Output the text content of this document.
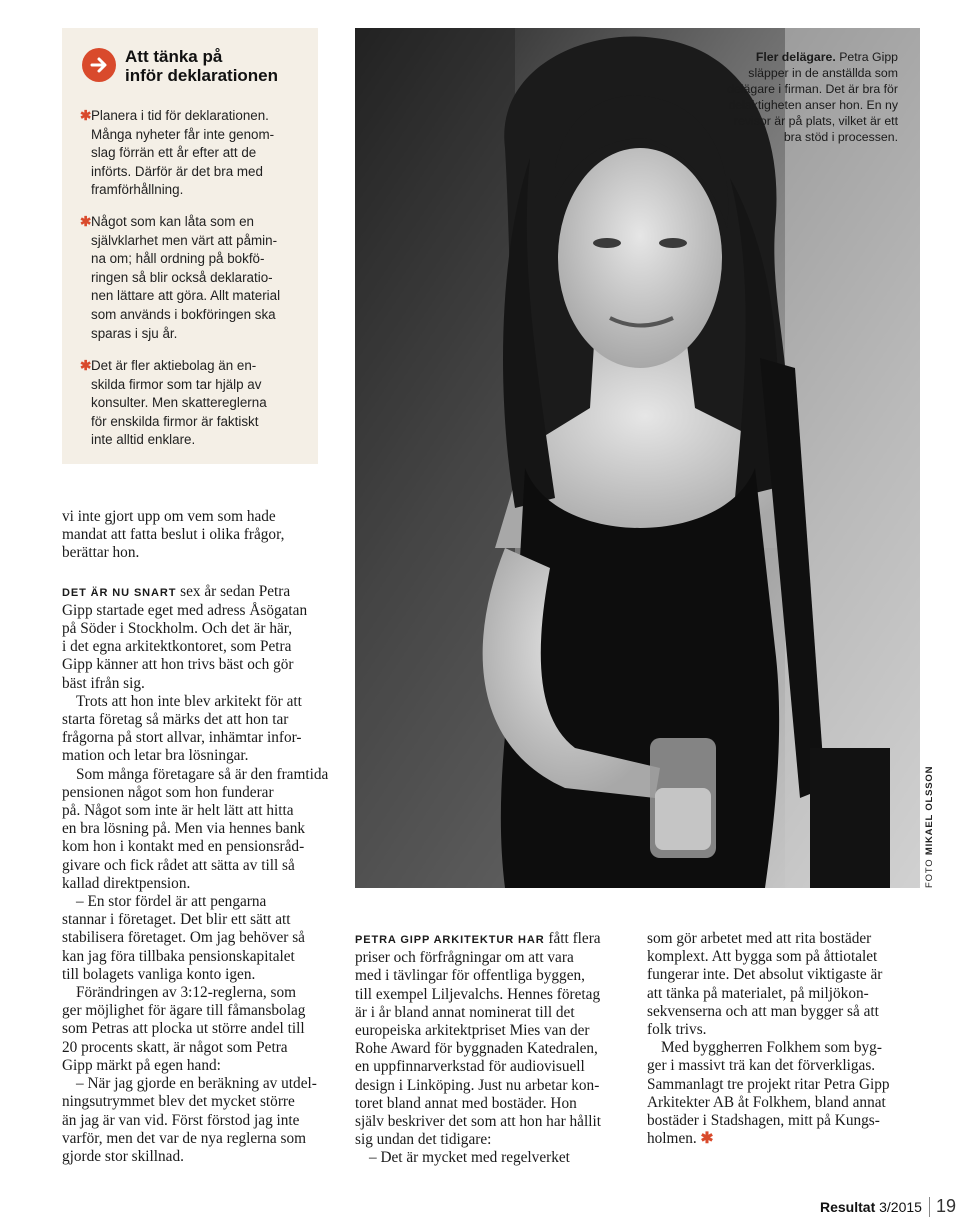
Att tänka på
inför deklarationen
✱ Planera i tid för deklarationen.
Många nyheter får inte genom-
slag förrän ett år efter att de
införts. Därför är det bra med
framförhållning.
✱ Något som kan låta som en
självklarhet men värt att påmin-
na om; håll ordning på bokfö-
ringen så blir också deklaratio-
nen lättare att göra. Allt material
som används i bokföringen ska
sparas i sju år.
✱ Det är fler aktiebolag än en-
skilda firmor som tar hjälp av
konsulter. Men skattereglerna
för enskilda firmor är faktiskt
inte alltid enklare.
Fler delägare. Petra Gipp
släpper in de anställda som
delägare i firman. Det är bra för
delaktigheten anser hon. En ny
revisor är på plats, vilket är ett
bra stöd i processen.
FOTO MIKAEL OLSSON

vi inte gjort upp om vem som hade
mandat att fatta beslut i olika frågor,
berättar hon.

DET ÄR NU SNART sex år sedan Petra
Gipp startade eget med adress Åsögatan
på Söder i Stockholm. Och det är här,
i det egna arkitektkontoret, som Petra
Gipp känner att hon trivs bäst och gör
bäst ifrån sig.

Trots att hon inte blev arkitekt för att
starta företag så märks det att hon tar
frågorna på stort allvar, inhämtar infor-
mation och letar bra lösningar.

Som många företagare så är den framtida pensionen något som hon funderar
på. Något som inte är helt lätt att hitta
en bra lösning på. Men via hennes bank
kom hon i kontakt med en pensionsråd-
givare och fick rådet att sätta av till så
kallad direktpension.

– En stor fördel är att pengarna
stannar i företaget. Det blir ett sätt att
stabilisera företaget. Om jag behöver så
kan jag föra tillbaka pensionskapitalet
till bolagets vanliga konto igen.

Förändringen av 3:12-reglerna, som
ger möjlighet för ägare till fåmansbolag
som Petras att plocka ut större andel till
20 procents skatt, är något som Petra
Gipp märkt på egen hand:

– När jag gjorde en beräkning av utdel-
ningsutrymmet blev det mycket större
än jag är van vid. Först förstod jag inte
varför, men det var de nya reglerna som
gjorde stor skillnad.

PETRA GIPP ARKITEKTUR HAR fått flera
priser och förfrågningar om att vara
med i tävlingar för offentliga byggen,
till exempel Liljevalchs. Hennes företag
är i år bland annat nominerat till det
europeiska arkitektpriset Mies van der
Rohe Award för byggnaden Katedralen,
en uppfinnarverkstad för audiovisuell
design i Linköping. Just nu arbetar kon-
toret bland annat med bostäder. Hon
själv beskriver det som att hon har hållit
sig undan det tidigare:

– Det är mycket med regelverket

som gör arbetet med att rita bostäder
komplext. Att bygga som på åttiotalet
fungerar inte. Det absolut viktigaste är
att tänka på materialet, på miljökon-
sekvenserna och att man bygger så att
folk trivs.

Med byggherren Folkhem som byg-
ger i massivt trä kan det förverkligas.
Sammanlagt tre projekt ritar Petra Gipp
Arkitekter AB åt Folkhem, bland annat
bostäder i Stadshagen, mitt på Kungs-
holmen. ✱

Resultat 3/2015 19
